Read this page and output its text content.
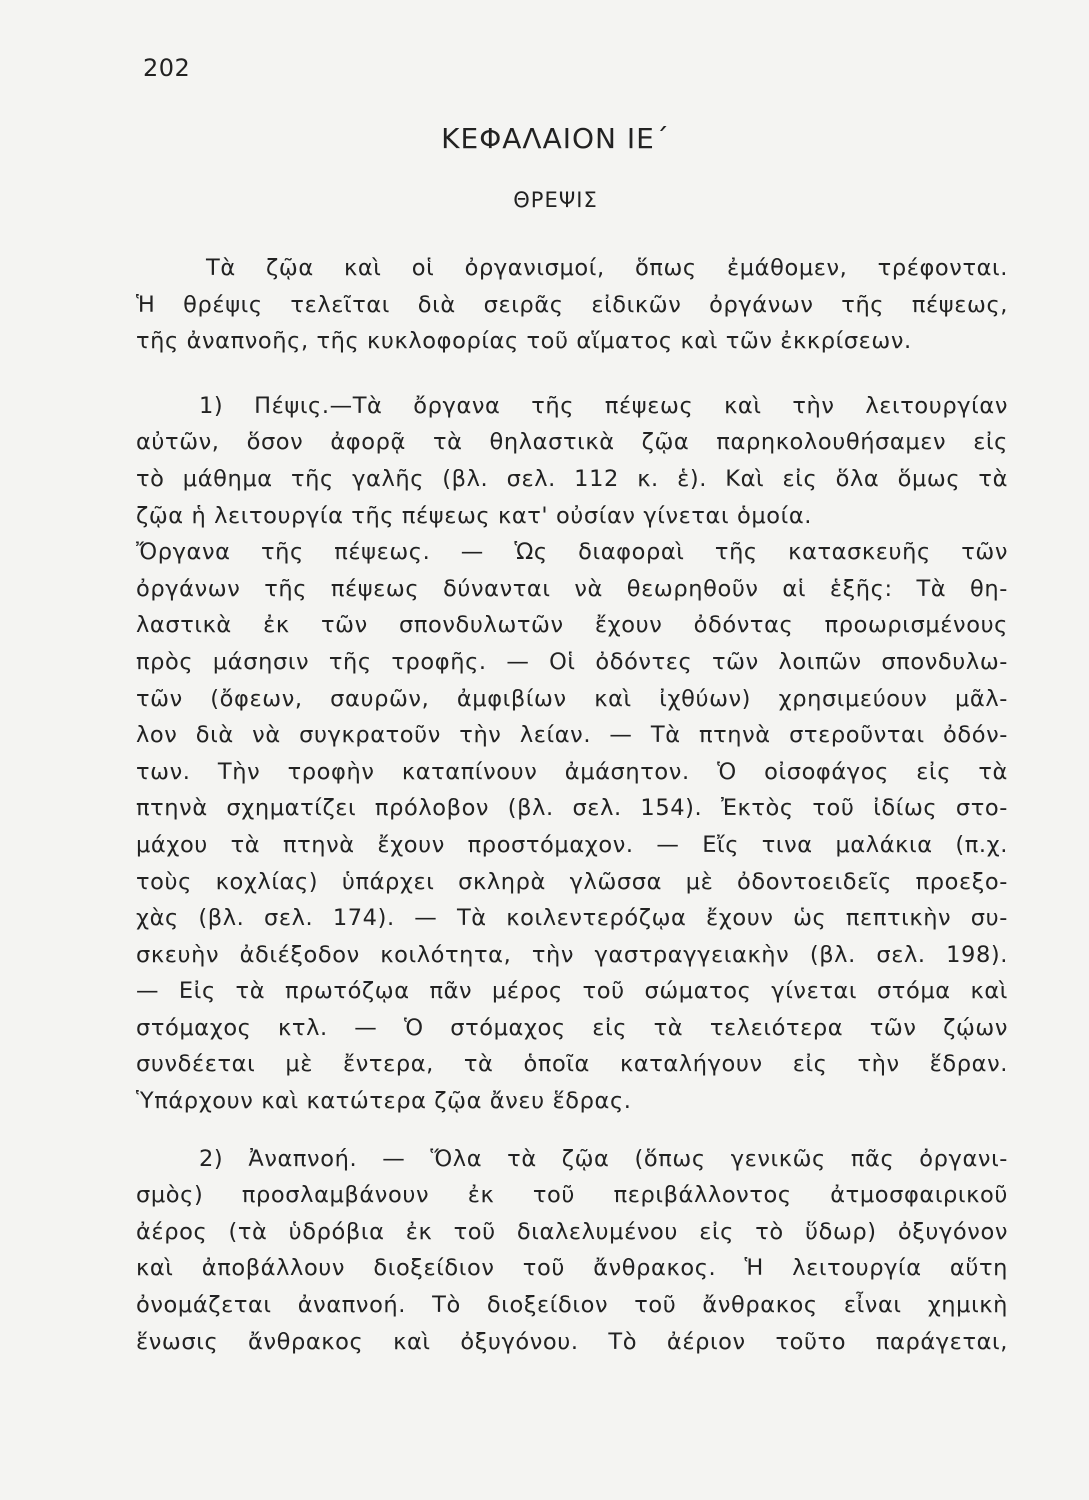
202
ΚΕΦΑΛΑΙΟΝ ΙΕ΄
ΘΡΕΨΙΣ
Τὰ ζῷα καὶ οἱ ὀργανισμοί, ὅπως ἐμάθομεν, τρέφονται.
Ἡ θρέψις τελεῖται διὰ σειρᾶς εἰδικῶν ὀργάνων τῆς πέψεως,
τῆς ἀναπνοῆς, τῆς κυκλοφορίας τοῦ αἵματος καὶ τῶν ἐκκρίσεων.
1) Πέψις.—Τὰ ὄργανα τῆς πέψεως καὶ τὴν λειτουργίαν
αὐτῶν, ὅσον ἀφορᾷ τὰ θηλαστικὰ ζῷα παρηκολουθήσαμεν εἰς
τὸ μάθημα τῆς γαλῆς (βλ. σελ. 112 κ. ἑ). Καὶ εἰς ὅλα ὅμως τὰ
ζῷα ἡ λειτουργία τῆς πέψεως κατ' οὐσίαν γίνεται ὁμοία.
Ὄργανα τῆς πέψεως. — Ὡς διαφοραὶ τῆς κατασκευῆς τῶν
ὀργάνων τῆς πέψεως δύνανται νὰ θεωρηθοῦν αἱ ἑξῆς: Τὰ θη-
λαστικὰ ἐκ τῶν σπονδυλωτῶν ἔχουν ὀδόντας προωρισμένους
πρὸς μάσησιν τῆς τροφῆς. — Οἱ ὀδόντες τῶν λοιπῶν σπονδυλω-
τῶν (ὄφεων, σαυρῶν, ἀμφιβίων καὶ ἰχθύων) χρησιμεύουν μᾶλ-
λον διὰ νὰ συγκρατοῦν τὴν λείαν. — Τὰ πτηνὰ στεροῦνται ὀδόν-
των. Τὴν τροφὴν καταπίνουν ἀμάσητον. Ὁ οἰσοφάγος εἰς τὰ
πτηνὰ σχηματίζει πρόλοβον (βλ. σελ. 154). Ἐκτὸς τοῦ ἰδίως στο-
μάχου τὰ πτηνὰ ἔχουν προστόμαχον. — Εἴς τινα μαλάκια (π.χ.
τοὺς κοχλίας) ὑπάρχει σκληρὰ γλῶσσα μὲ ὀδοντοειδεῖς προεξο-
χὰς (βλ. σελ. 174). — Τὰ κοιλεντερόζῳα ἔχουν ὡς πεπτικὴν συ-
σκευὴν ἀδιέξοδον κοιλότητα, τὴν γαστραγγειακὴν (βλ. σελ. 198).
— Εἰς τὰ πρωτόζῳα πᾶν μέρος τοῦ σώματος γίνεται στόμα καὶ
στόμαχος κτλ. — Ὁ στόμαχος εἰς τὰ τελειότερα τῶν ζῴων
συνδέεται μὲ ἔντερα, τὰ ὁποῖα καταλήγουν εἰς τὴν ἕδραν.
Ὑπάρχουν καὶ κατώτερα ζῷα ἄνευ ἕδρας.
2) Ἀναπνοή. — Ὅλα τὰ ζῷα (ὅπως γενικῶς πᾶς ὀργανι-
σμὸς) προσλαμβάνουν ἐκ τοῦ περιβάλλοντος ἀτμοσφαιρικοῦ
ἀέρος (τὰ ὑδρόβια ἐκ τοῦ διαλελυμένου εἰς τὸ ὕδωρ) ὀξυγόνον
καὶ ἀποβάλλουν διοξείδιον τοῦ ἄνθρακος. Ἡ λειτουργία αὕτη
ὀνομάζεται ἀναπνοή. Τὸ διοξείδιον τοῦ ἄνθρακος εἶναι χημικὴ
ἕνωσις ἄνθρακος καὶ ὀξυγόνου. Τὸ ἀέριον τοῦτο παράγεται,
